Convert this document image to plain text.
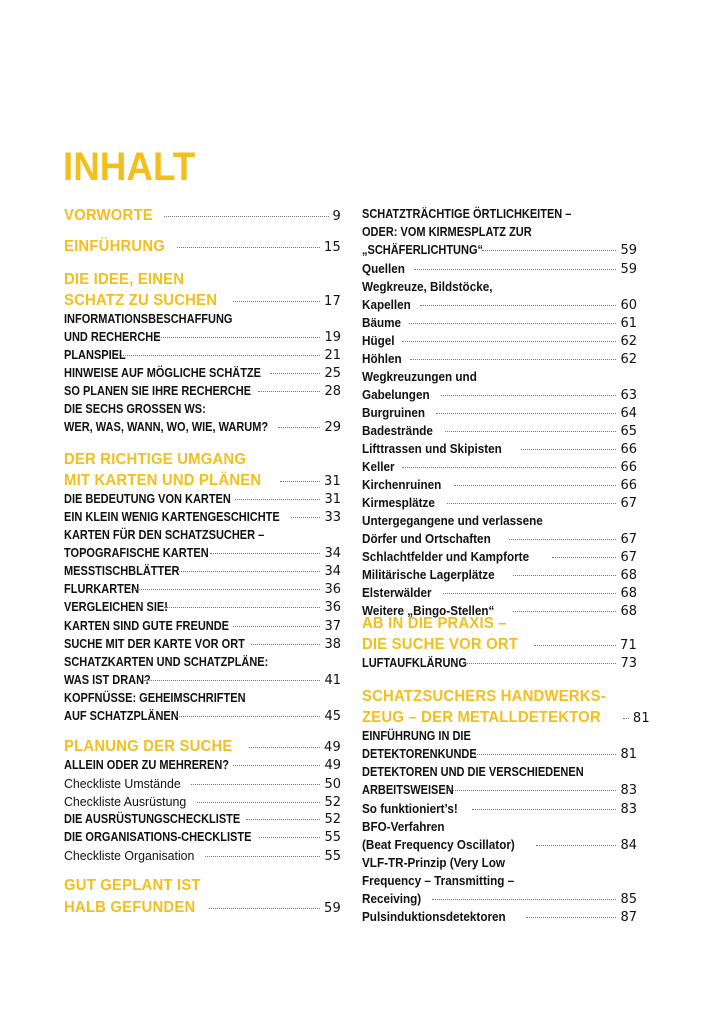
INHALT
VORWORTE	9
EINFÜHRUNG	15
DIE IDEE, EINEN
SCHATZ ZU SUCHEN	17
INFORMATIONSBESCHAFFUNG
UND RECHERCHE	19
PLANSPIEL	21
HINWEISE AUF MÖGLICHE SCHÄTZE	25
SO PLANEN SIE IHRE RECHERCHE	28
DIE SECHS GROSSEN WS:
WER, WAS, WANN, WO, WIE, WARUM?	29
DER RICHTIGE UMGANG
MIT KARTEN UND PLÄNEN	31
DIE BEDEUTUNG VON KARTEN	31
EIN KLEIN WENIG KARTENGESCHICHTE	33
KARTEN FÜR DEN SCHATZSUCHER –
TOPOGRAFISCHE KARTEN	34
MESSTISCHBLÄTTER	34
FLURKARTEN	36
VERGLEICHEN SIE!	36
KARTEN SIND GUTE FREUNDE	37
SUCHE MIT DER KARTE VOR ORT	38
SCHATZKARTEN UND SCHATZPLÄNE:
WAS IST DRAN?	41
KOPFNÜSSE: GEHEIMSCHRIFTEN
AUF SCHATZPLÄNEN	45
PLANUNG DER SUCHE	49
ALLEIN ODER ZU MEHREREN?	49
Checkliste Umstände	50
Checkliste Ausrüstung	52
DIE AUSRÜSTUNGSCHECKLISTE	52
DIE ORGANISATIONS-CHECKLISTE	55
Checkliste Organisation	55
GUT GEPLANT IST
HALB GEFUNDEN	59
SCHATZTRÄCHTIGE ÖRTLICHKEITEN –
ODER: VOM KIRMESPLATZ ZUR
„SCHÄFERLICHTUNG“	59
Quellen	59
Wegkreuze, Bildstöcke,
Kapellen	60
Bäume	61
Hügel	62
Höhlen	62
Wegkreuzungen und
Gabelungen	63
Burgruinen	64
Badestrände	65
Lifttrassen und Skipisten	66
Keller	66
Kirchenruinen	66
Kirmesplätze	67
Untergegangene und verlassene
Dörfer und Ortschaften	67
Schlachtfelder und Kampforte	67
Militärische Lagerplätze	68
Elsterwälder	68
Weitere „Bingo-Stellen“	68
AB IN DIE PRAXIS –
DIE SUCHE VOR ORT	71
LUFTAUFKLÄRUNG	73
SCHATZSUCHERS HANDWERKS-
ZEUG – DER METALLDETEKTOR 81
EINFÜHRUNG IN DIE
DETEKTORENKUNDE	81
DETEKTOREN UND DIE VERSCHIEDENEN
ARBEITSWEISEN	83
So funktioniert’s!	83
BFO-Verfahren
(Beat Frequency Oscillator)	84
VLF-TR-Prinzip (Very Low
Frequency – Transmitting –
Receiving)	85
Pulsinduktionsdetektoren	87
